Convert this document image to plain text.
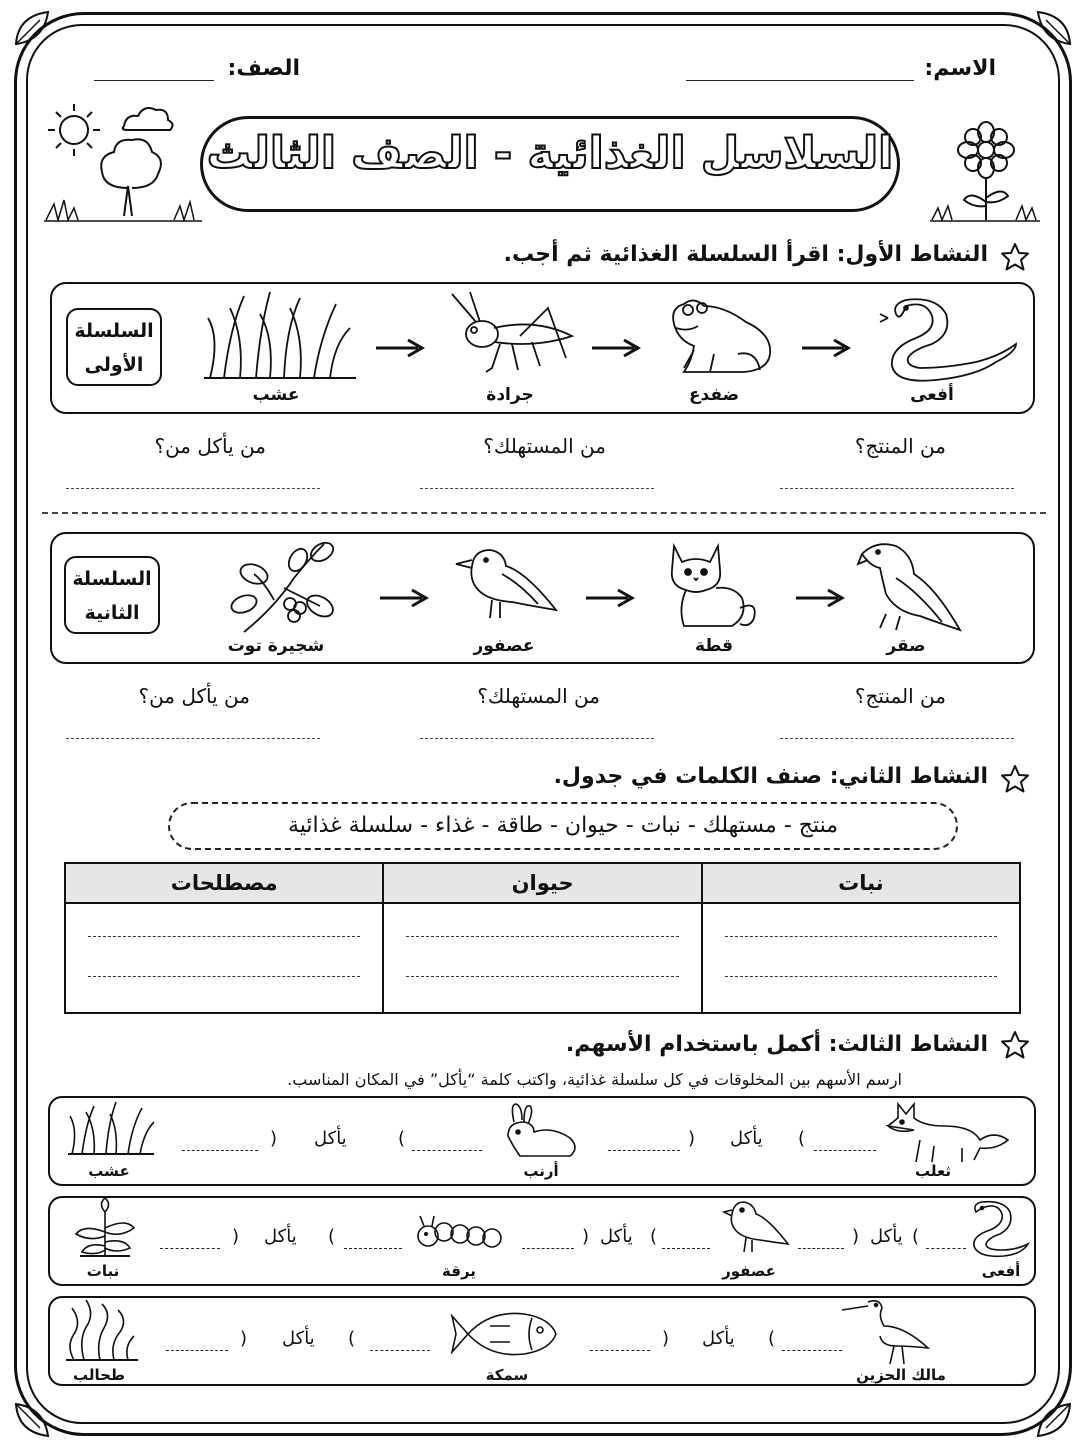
الاسم:
الصف:
السلاسل الغذائية - الصف الثالث
النشاط الأول: اقرأ السلسلة الغذائية ثم أجب.
السلسلة
الأولى
عشب	جرادة	ضفدع	أفعى
من المنتج؟
من المستهلك؟
من يأكل من؟
السلسلة
الثانية
شجيرة توت	عصفور	قطة	صقر
من المنتج؟
من المستهلك؟
من يأكل من؟
النشاط الثاني: صنف الكلمات في جدول.
منتج - مستهلك - نبات - حيوان - طاقة - غذاء - سلسلة غذائية
نبات	حيوان	مصطلحات

النشاط الثالث: أكمل باستخدام الأسهم.
ارسم الأسهم بين المخلوقات في كل سلسلة غذائية، واكتب كلمة “يأكل” في المكان المناسب.
عشب	أرنب	ثعلب
) يأكل	(	) يأكل (
نبات	يرقة	عصفور	أفعى
) يأكل (	) يأكل (	) يأكل (
طحالب	سمكة	مالك الحزين
) يأكل (	) يأكل (
